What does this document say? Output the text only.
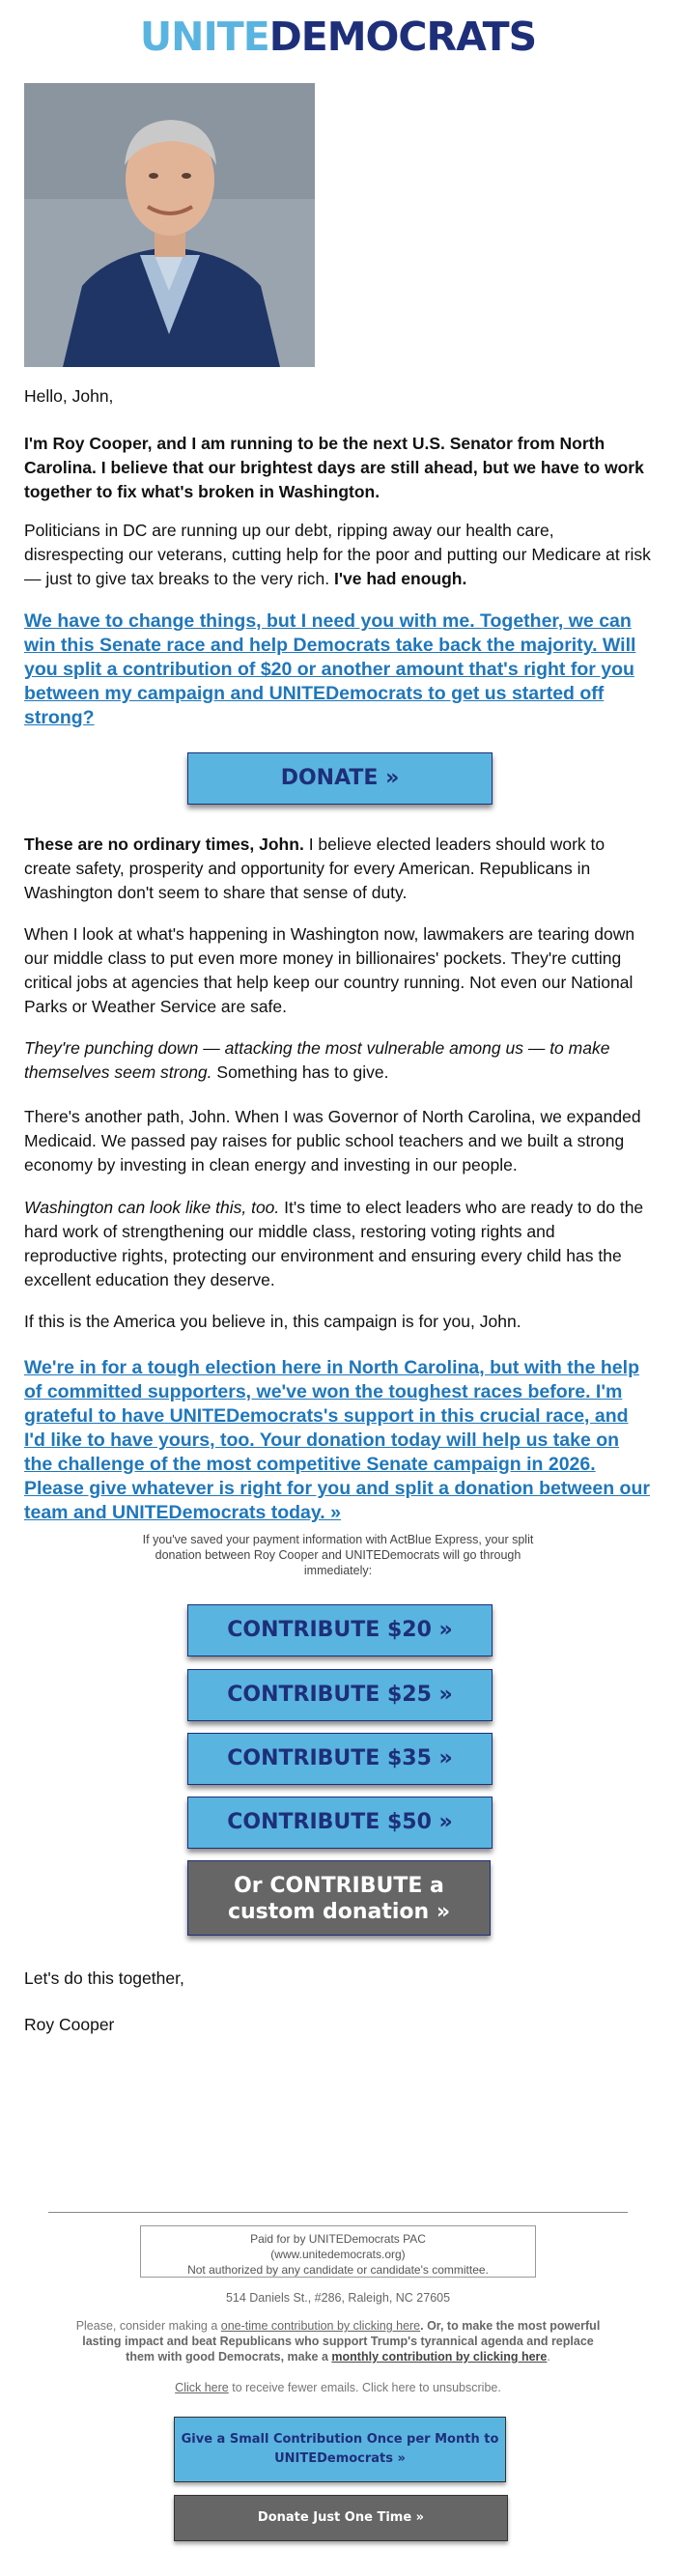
UNITEDEMOCRATS

Hello, John,

I'm Roy Cooper, and I am running to be the next U.S. Senator from North Carolina. I believe that our brightest days are still ahead, but we have to work together to fix what's broken in Washington.

Politicians in DC are running up our debt, ripping away our health care, disrespecting our veterans, cutting help for the poor and putting our Medicare at risk — just to give tax breaks to the very rich. I've had enough.

We have to change things, but I need you with me. Together, we can win this Senate race and help Democrats take back the majority. Will you split a contribution of $20 or another amount that's right for you between my campaign and UNITEDemocrats to get us started off strong?
DONATE »

These are no ordinary times, John. I believe elected leaders should work to create safety, prosperity and opportunity for every American. Republicans in Washington don't seem to share that sense of duty.

When I look at what's happening in Washington now, lawmakers are tearing down our middle class to put even more money in billionaires' pockets. They're cutting critical jobs at agencies that help keep our country running. Not even our National Parks or Weather Service are safe.

They're punching down — attacking the most vulnerable among us — to make themselves seem strong. Something has to give.

There's another path, John. When I was Governor of North Carolina, we expanded Medicaid. We passed pay raises for public school teachers and we built a strong economy by investing in clean energy and investing in our people.

Washington can look like this, too. It's time to elect leaders who are ready to do the hard work of strengthening our middle class, restoring voting rights and reproductive rights, protecting our environment and ensuring every child has the excellent education they deserve.

If this is the America you believe in, this campaign is for you, John.

We're in for a tough election here in North Carolina, but with the help of committed supporters, we've won the toughest races before. I'm grateful to have UNITEDemocrats's support in this crucial race, and I'd like to have yours, too. Your donation today will help us take on the challenge of the most competitive Senate campaign in 2026. Please give whatever is right for you and split a donation between our team and UNITEDemocrats today. »

If you've saved your payment information with ActBlue Express, your split donation between Roy Cooper and UNITEDemocrats will go through immediately:

CONTRIBUTE $20 »
CONTRIBUTE $25 »
CONTRIBUTE $35 »
CONTRIBUTE $50 »
Or CONTRIBUTE a custom donation »

Let's do this together,

Roy Cooper

Paid for by UNITEDemocrats PAC
(www.unitedemocrats.org)
Not authorized by any candidate or candidate's committee.
514 Daniels St., #286, Raleigh, NC 27605
Please, consider making a one-time contribution by clicking here. Or, to make the most powerful lasting impact and beat Republicans who support Trump's tyrannical agenda and replace them with good Democrats, make a monthly contribution by clicking here.
Click here to receive fewer emails. Click here to unsubscribe.
Give a Small Contribution Once per Month to UNITEDemocrats »
Donate Just One Time »
